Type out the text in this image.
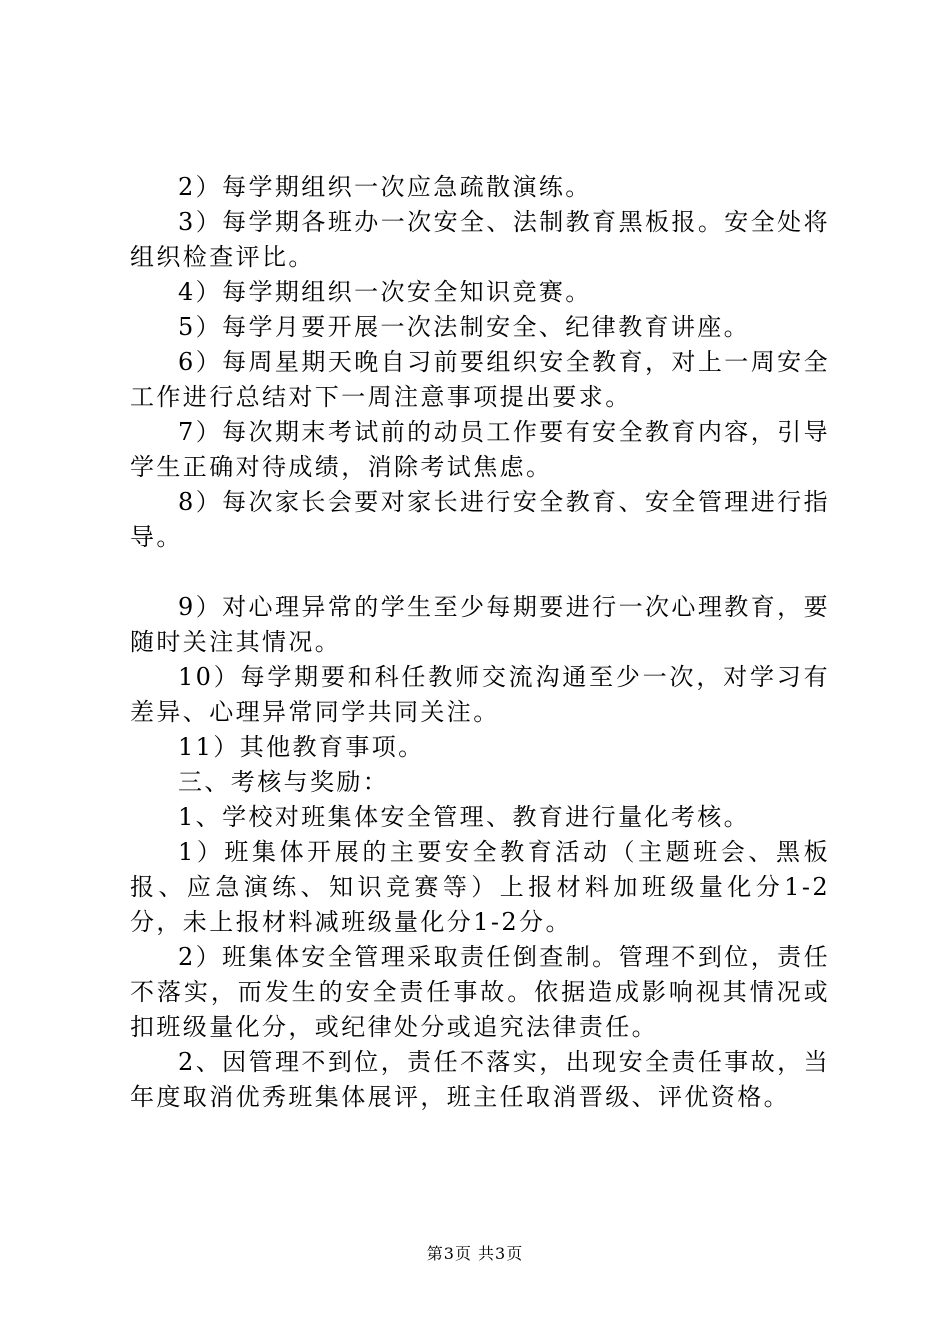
2）每学期组织一次应急疏散演练。

3）每学期各班办一次安全、法制教育黑板报。安全处将组织检查评比。

4）每学期组织一次安全知识竞赛。

5）每学月要开展一次法制安全、纪律教育讲座。

6）每周星期天晚自习前要组织安全教育，对上一周安全工作进行总结对下一周注意事项提出要求。

7）每次期末考试前的动员工作要有安全教育内容，引导学生正确对待成绩，消除考试焦虑。

8）每次家长会要对家长进行安全教育、安全管理进行指导。

9）对心理异常的学生至少每期要进行一次心理教育，要随时关注其情况。

10）每学期要和科任教师交流沟通至少一次，对学习有差异、心理异常同学共同关注。

11）其他教育事项。

三、考核与奖励：

1、学校对班集体安全管理、教育进行量化考核。

1）班集体开展的主要安全教育活动（主题班会、黑板报、应急演练、知识竞赛等）上报材料加班级量化分1-2分，未上报材料减班级量化分1-2分。

2）班集体安全管理采取责任倒查制。管理不到位，责任不落实，而发生的安全责任事故。依据造成影响视其情况或扣班级量化分，或纪律处分或追究法律责任。

2、因管理不到位，责任不落实，出现安全责任事故，当年度取消优秀班集体展评，班主任取消晋级、评优资格。

第3页 共3页
